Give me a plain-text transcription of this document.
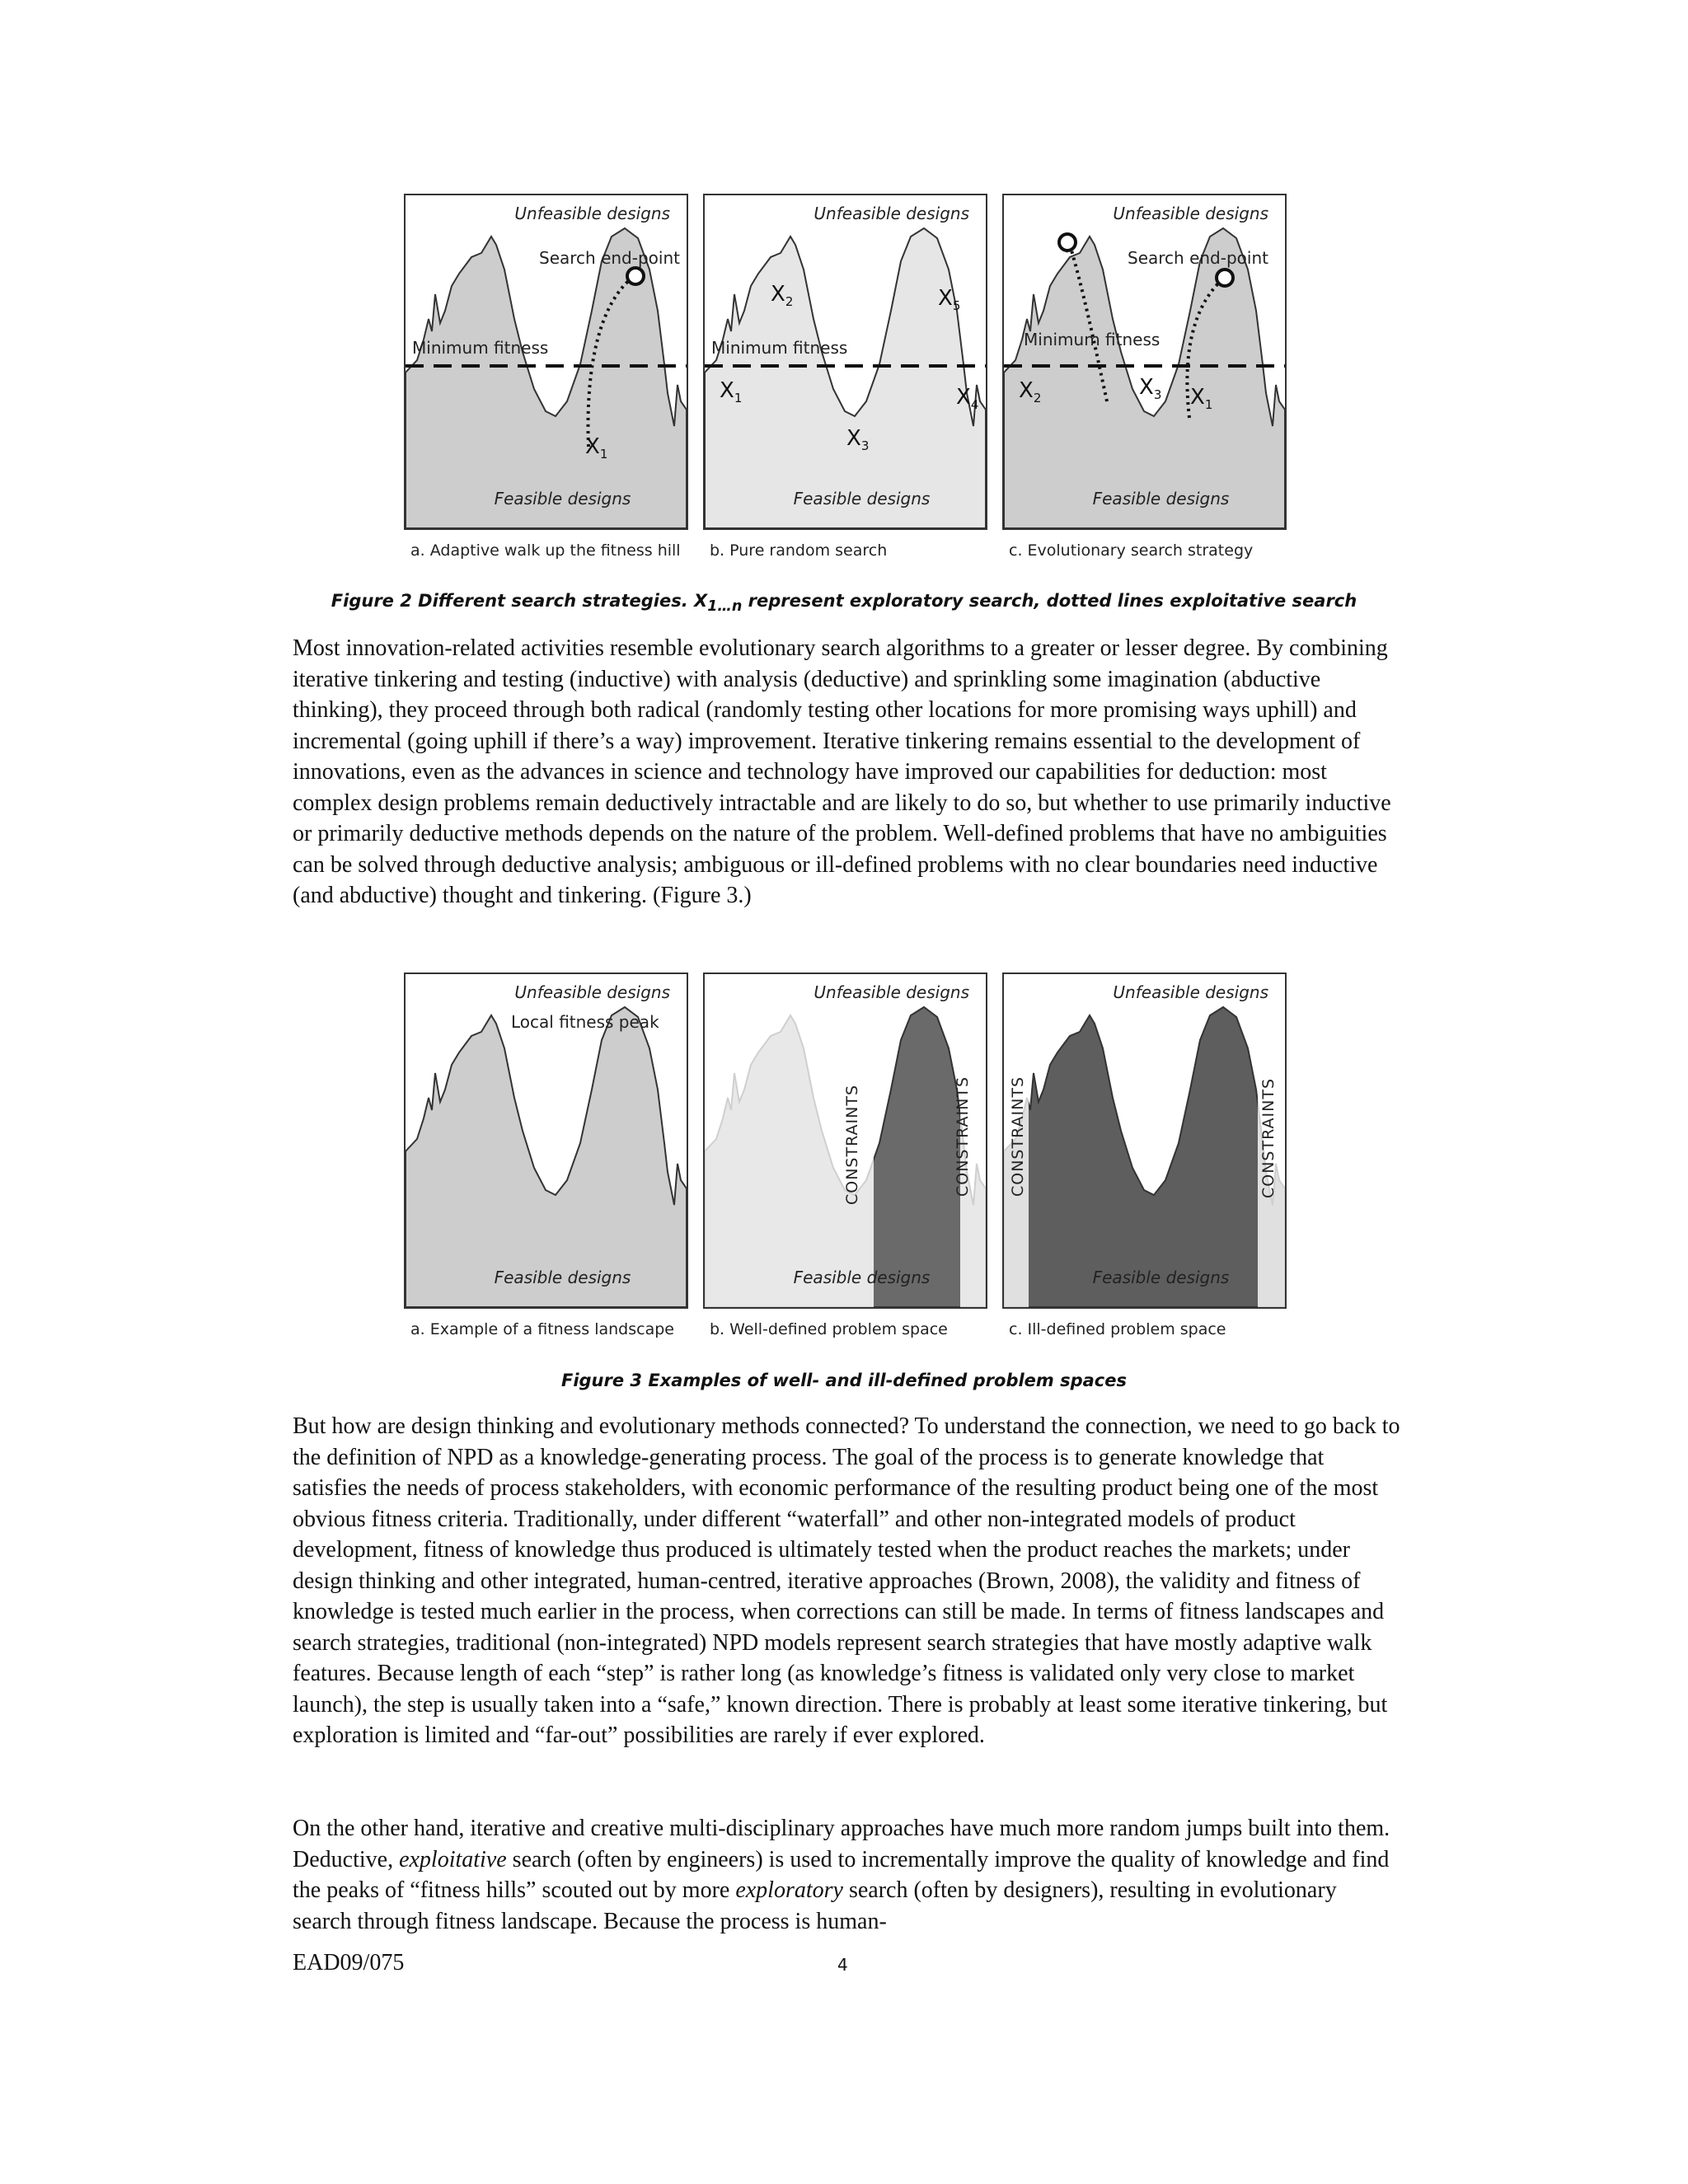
Unfeasible designs
Search end-point
Minimum fitness
$X_1$
Feasible designs
a. Adaptive walk up the fitness hill
Unfeasible designs
Minimum fitness
$X_1$
$X_2$
$X_3$
$X_4$
$X_5$
Feasible designs
b. Pure random search
Unfeasible designs
Search end-point
Minimum fitness
$X_1$
$X_2$	$X_3$
Feasible designs
c. Evolutionary search strategy
Figure 2 Different search strategies. $X_{1\dots n}$ represent exploratory search, dotted lines exploitative search

Most innovation-related activities resemble evolutionary search algorithms to a greater or lesser degree. By combining iterative tinkering and testing (inductive) with analysis (deductive) and sprinkling some imagination (abductive thinking), they proceed through both radical (randomly testing other locations for more promising ways uphill) and incremental (going uphill if there’s a way) improvement. Iterative tinkering remains essential to the development of innovations, even as the advances in science and technology have improved our capabilities for deduction: most complex design problems remain deductively intractable and are likely to do so, but whether to use primarily inductive or primarily deductive methods depends on the nature of the problem. Well-defined problems that have no ambiguities can be solved through deductive analysis; ambiguous or ill-defined problems with no clear boundaries need inductive (and abductive) thought and tinkering. (Figure 3.)

Unfeasible designs
Local fitness peak
Feasible designs
a. Example of a fitness landscape
CONSTRAINTS	CONSTRAINTS
Unfeasible designs
Feasible designs
b. Well-defined problem space
CONSTRAINTS	CONSTRAINTS
Unfeasible designs
Feasible designs
c. Ill-defined problem space
Figure 3 Examples of well- and ill-defined problem spaces

But how are design thinking and evolutionary methods connected? To understand the connection, we need to go back to the definition of NPD as a knowledge-generating process. The goal of the process is to generate knowledge that satisfies the needs of process stakeholders, with economic performance of the resulting product being one of the most obvious fitness criteria. Traditionally, under different “waterfall” and other non-integrated models of product development, fitness of knowledge thus produced is ultimately tested when the product reaches the markets; under design thinking and other integrated, human-centred, iterative approaches (Brown, 2008), the validity and fitness of knowledge is tested much earlier in the process, when corrections can still be made. In terms of fitness landscapes and search strategies, traditional (non-integrated) NPD models represent search strategies that have mostly adaptive walk features. Because length of each “step” is rather long (as knowledge’s fitness is validated only very close to market launch), the step is usually taken into a “safe,” known direction. There is probably at least some iterative tinkering, but exploration is limited and “far-out” possibilities are rarely if ever explored.

On the other hand, iterative and creative multi-disciplinary approaches have much more random jumps built into them. Deductive, exploitative search (often by engineers) is used to incrementally improve the quality of knowledge and find the peaks of “fitness hills” scouted out by more exploratory search (often by designers), resulting in evolutionary search through fitness landscape. Because the process is human-

EAD09/075	4
